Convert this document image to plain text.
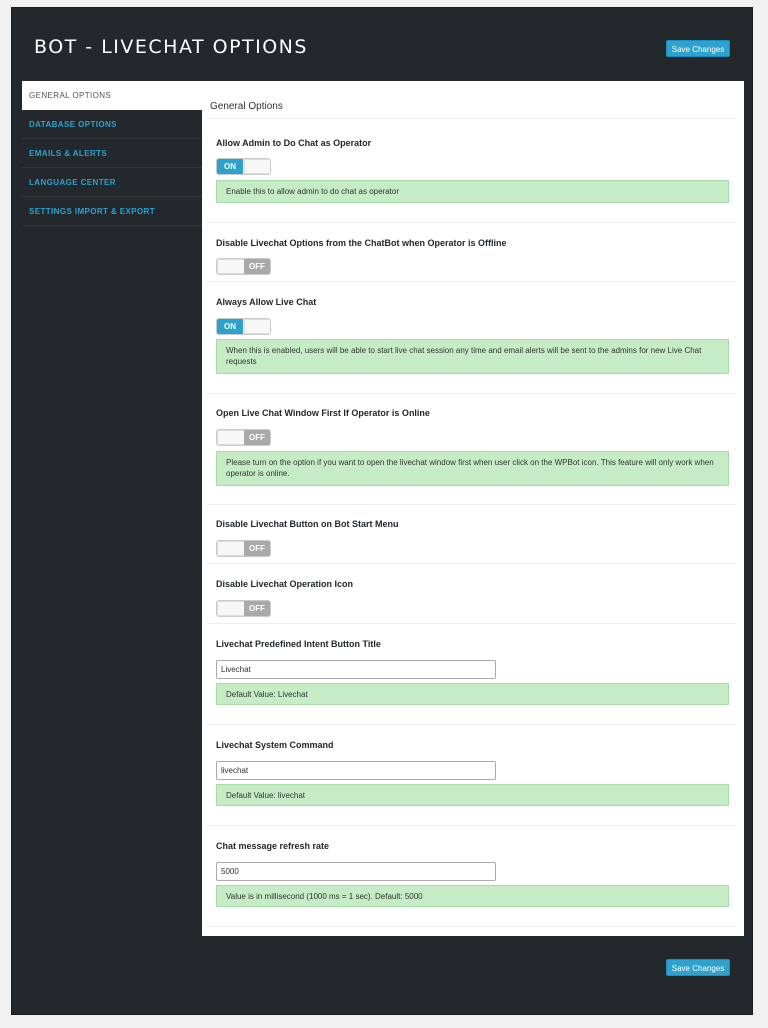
BOT - LIVECHAT OPTIONS	Save Changes
GENERAL OPTIONS
DATABASE OPTIONS
EMAILS & ALERTS
LANGUAGE CENTER
SETTINGS IMPORT & EXPORT
General Options
Allow Admin to Do Chat as Operator
ON
Enable this to allow admin to do chat as operator
Disable Livechat Options from the ChatBot when Operator is Offline
OFF
Always Allow Live Chat
ON
When this is enabled, users will be able to start live chat session any time and email alerts will be sent to the admins for new Live Chat requests
Open Live Chat Window First If Operator is Online
OFF
Please turn on the option if you want to open the livechat window first when user click on the WPBot icon. This feature will only work when operator is online.
Disable Livechat Button on Bot Start Menu
OFF
Disable Livechat Operation Icon
OFF
Livechat Predefined Intent Button Title
Livechat
Default Value: Livechat
Livechat System Command
livechat
Default Value: livechat
Chat message refresh rate
5000
Value is in millisecond (1000 ms = 1 sec). Default: 5000
Save Changes
